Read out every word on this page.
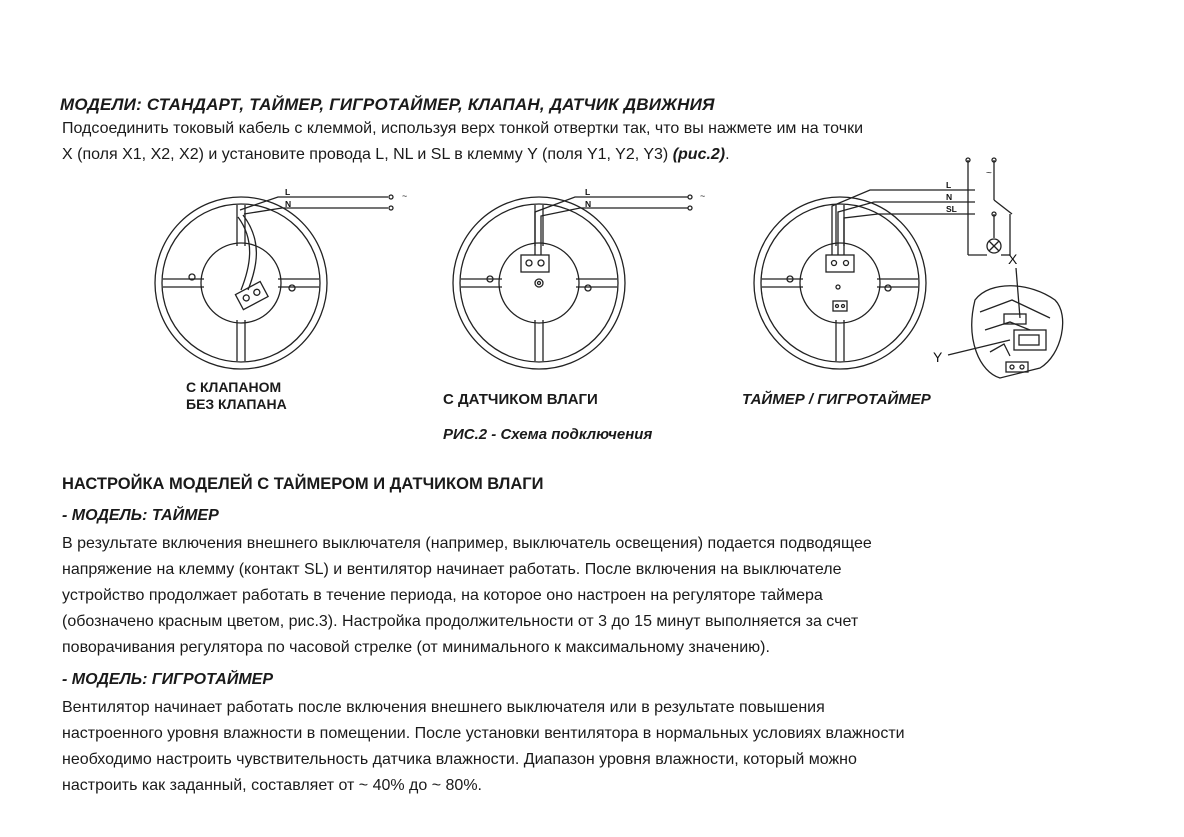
МОДЕЛИ: СТАНДАРТ, ТАЙМЕР, ГИГРОТАЙМЕР, КЛАПАН, ДАТЧИК ДВИЖНИЯ
Подсоединить токовый кабель с клеммой, используя верх тонкой отвертки так, что вы нажмете им на точки
X (поля X1, X2, X2) и установите провода L, NL и SL в клемму Y (поля Y1, Y2, Y3) (рис.2).
~	~
~
L
N
L
N
L
N
SL
X
Y
С КЛАПАНОМ
БЕЗ КЛАПАНА	С ДАТЧИКОМ ВЛАГИ	ТАЙМЕР / ГИГРОТАЙМЕР
РИС.2 - Схема подключения
НАСТРОЙКА МОДЕЛЕЙ С ТАЙМЕРОМ И ДАТЧИКОМ ВЛАГИ
- МОДЕЛЬ: ТАЙМЕР
В результате включения внешнего выключателя (например, выключатель освещения) подается подводящее
напряжение на клемму (контакт SL) и вентилятор начинает работать. После включения на выключателе
устройство продолжает работать в течение периода, на которое оно настроен на регуляторе таймера
(обозначено красным цветом, рис.3). Настройка продолжительности от 3 до 15 минут выполняется за счет
поворачивания регулятора по часовой стрелке (от минимального к максимальному значению).
- МОДЕЛЬ: ГИГРОТАЙМЕР
Вентилятор начинает работать после включения внешнего выключателя или в результате повышения
настроенного уровня влажности в помещении. После установки вентилятора в нормальных условиях влажности
необходимо настроить чувствительность датчика влажности. Диапазон уровня влажности, который можно
настроить как заданный, составляет от ~ 40% до ~ 80%.
